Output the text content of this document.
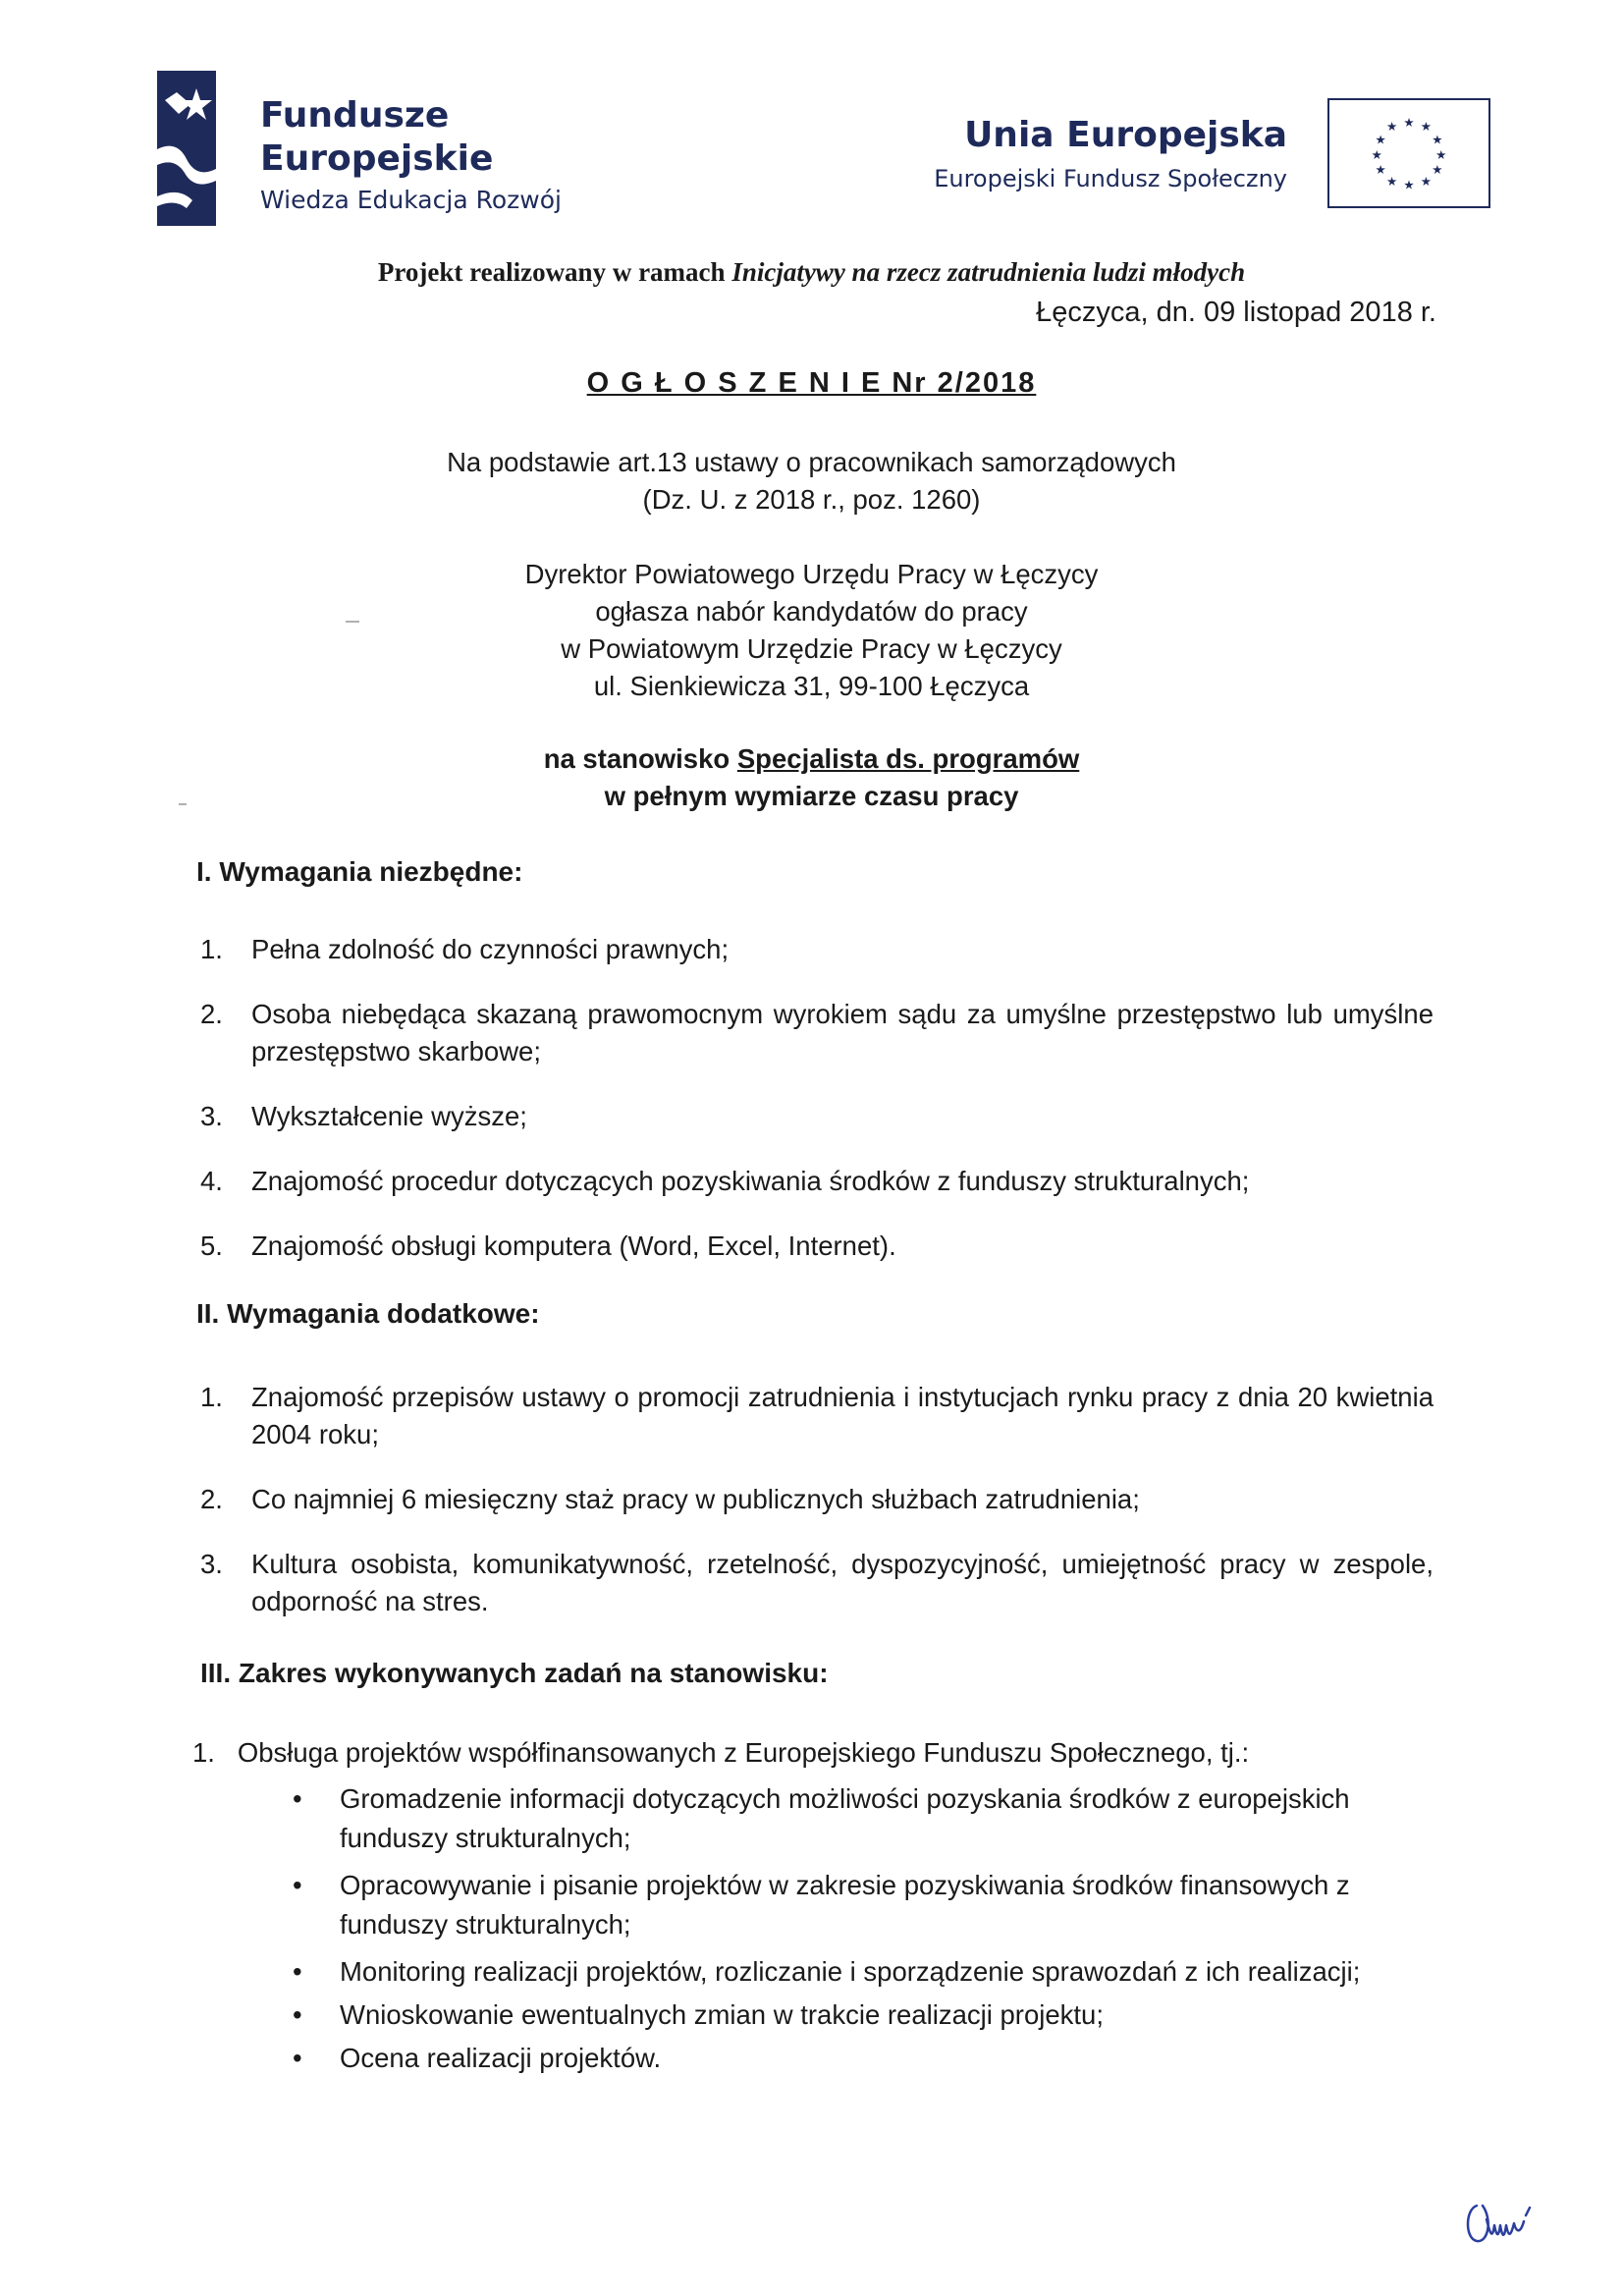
Fundusze
Europejskie
Wiedza Edukacja Rozwój
Unia Europejska
Europejski Fundusz Społeczny
★ ★
★
★
★
★
★
★
★
★
★ ★
Projekt realizowany w ramach Inicjatywy na rzecz zatrudnienia ludzi młodych
Łęczyca, dn. 09 listopad 2018 r.
O G Ł O S Z E N I E Nr 2/2018
Na podstawie art.13 ustawy o pracownikach samorządowych
(Dz. U. z 2018 r., poz. 1260)
Dyrektor Powiatowego Urzędu Pracy w Łęczycy
ogłasza nabór kandydatów do pracy
w Powiatowym Urzędzie Pracy w Łęczycy
ul. Sienkiewicza 31, 99-100 Łęczyca
na stanowisko Specjalista ds. programów
w pełnym wymiarze czasu pracy
I. Wymagania niezbędne:
1.	Pełna zdolność do czynności prawnych;
2.	Osoba niebędąca skazaną prawomocnym wyrokiem sądu za umyślne przestępstwo lub umyślne przestępstwo skarbowe;
3.	Wykształcenie wyższe;
4.	Znajomość procedur dotyczących pozyskiwania środków z funduszy strukturalnych;
5.	Znajomość obsługi komputera (Word, Excel, Internet).
II. Wymagania dodatkowe:
1.	Znajomość przepisów ustawy o promocji zatrudnienia i instytucjach rynku pracy z dnia 20 kwietnia 2004 roku;
2.	Co najmniej 6 miesięczny staż pracy w publicznych służbach zatrudnienia;
3.	Kultura osobista, komunikatywność, rzetelność, dyspozycyjność, umiejętność pracy w zespole, odporność na stres.
III. Zakres wykonywanych zadań na stanowisku:
1.   Obsługa projektów współfinansowanych z Europejskiego Funduszu Społecznego, tj.:
•	Gromadzenie informacji dotyczących możliwości pozyskania środków z europejskich funduszy strukturalnych;
•	Opracowywanie i pisanie projektów w zakresie pozyskiwania środków finansowych z funduszy strukturalnych;
•	Monitoring realizacji projektów, rozliczanie i sporządzenie sprawozdań z ich realizacji;
•	Wnioskowanie ewentualnych zmian w trakcie realizacji projektu;
•	Ocena realizacji projektów.
